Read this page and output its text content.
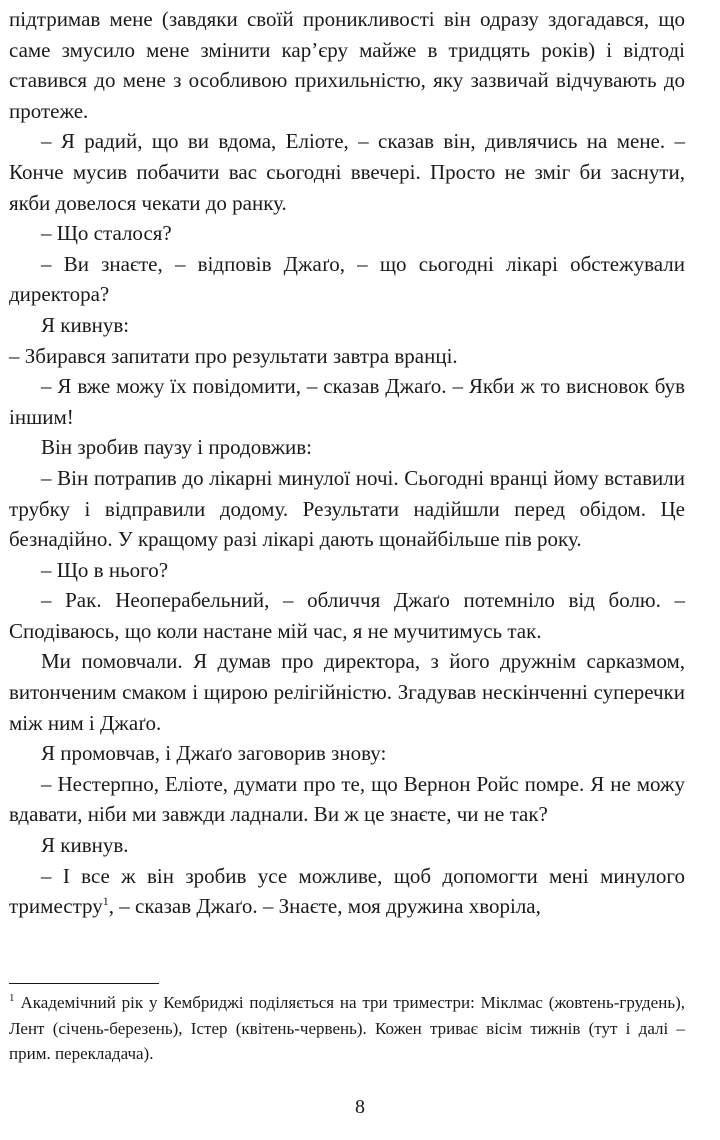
підтримав мене (завдяки своїй проникливості він одразу здогадався, що саме змусило мене змінити кар’єру майже в тридцять років) і відтоді ставився до мене з особливою прихильністю, яку зазвичай відчувають до протеже.

– Я радий, що ви вдома, Еліоте, – сказав він, дивлячись на мене. – Конче мусив побачити вас сьогодні ввечері. Просто не зміг би заснути, якби довелося чекати до ранку.

– Що сталося?

– Ви знаєте, – відповів Джаґо, – що сьогодні лікарі обстежували директора?

Я кивнув:

– Збирався запитати про результати завтра вранці.

– Я вже можу їх повідомити, – сказав Джаґо. – Якби ж то висновок був іншим!

Він зробив паузу і продовжив:

– Він потрапив до лікарні минулої ночі. Сьогодні вранці йому вставили трубку і відправили додому. Результати надійшли перед обідом. Це безнадійно. У кращому разі лікарі дають щонайбільше пів року.

– Що в нього?

– Рак. Неоперабельний, – обличчя Джаґо потемніло від болю. – Сподіваюсь, що коли настане мій час, я не мучитимусь так.

Ми помовчали. Я думав про директора, з його дружнім сарказмом, витонченим смаком і щирою релігійністю. Згадував нескінченні суперечки між ним і Джаґо.

Я промовчав, і Джаґо заговорив знову:

– Нестерпно, Еліоте, думати про те, що Вернон Ройс помре. Я не можу вдавати, ніби ми завжди ладнали. Ви ж це знаєте, чи не так?

Я кивнув.

– І все ж він зробив усе можливе, щоб допомогти мені минулого триместру$^1$, – сказав Джаґо. – Знаєте, моя дружина хворіла,

$^1$ Академічний рік у Кембриджі поділяється на три триместри: Міклмас (жовтень-грудень), Лент (січень-березень), Істер (квітень-червень). Кожен триває вісім тижнів (тут і далі – прим. перекладача).
8
